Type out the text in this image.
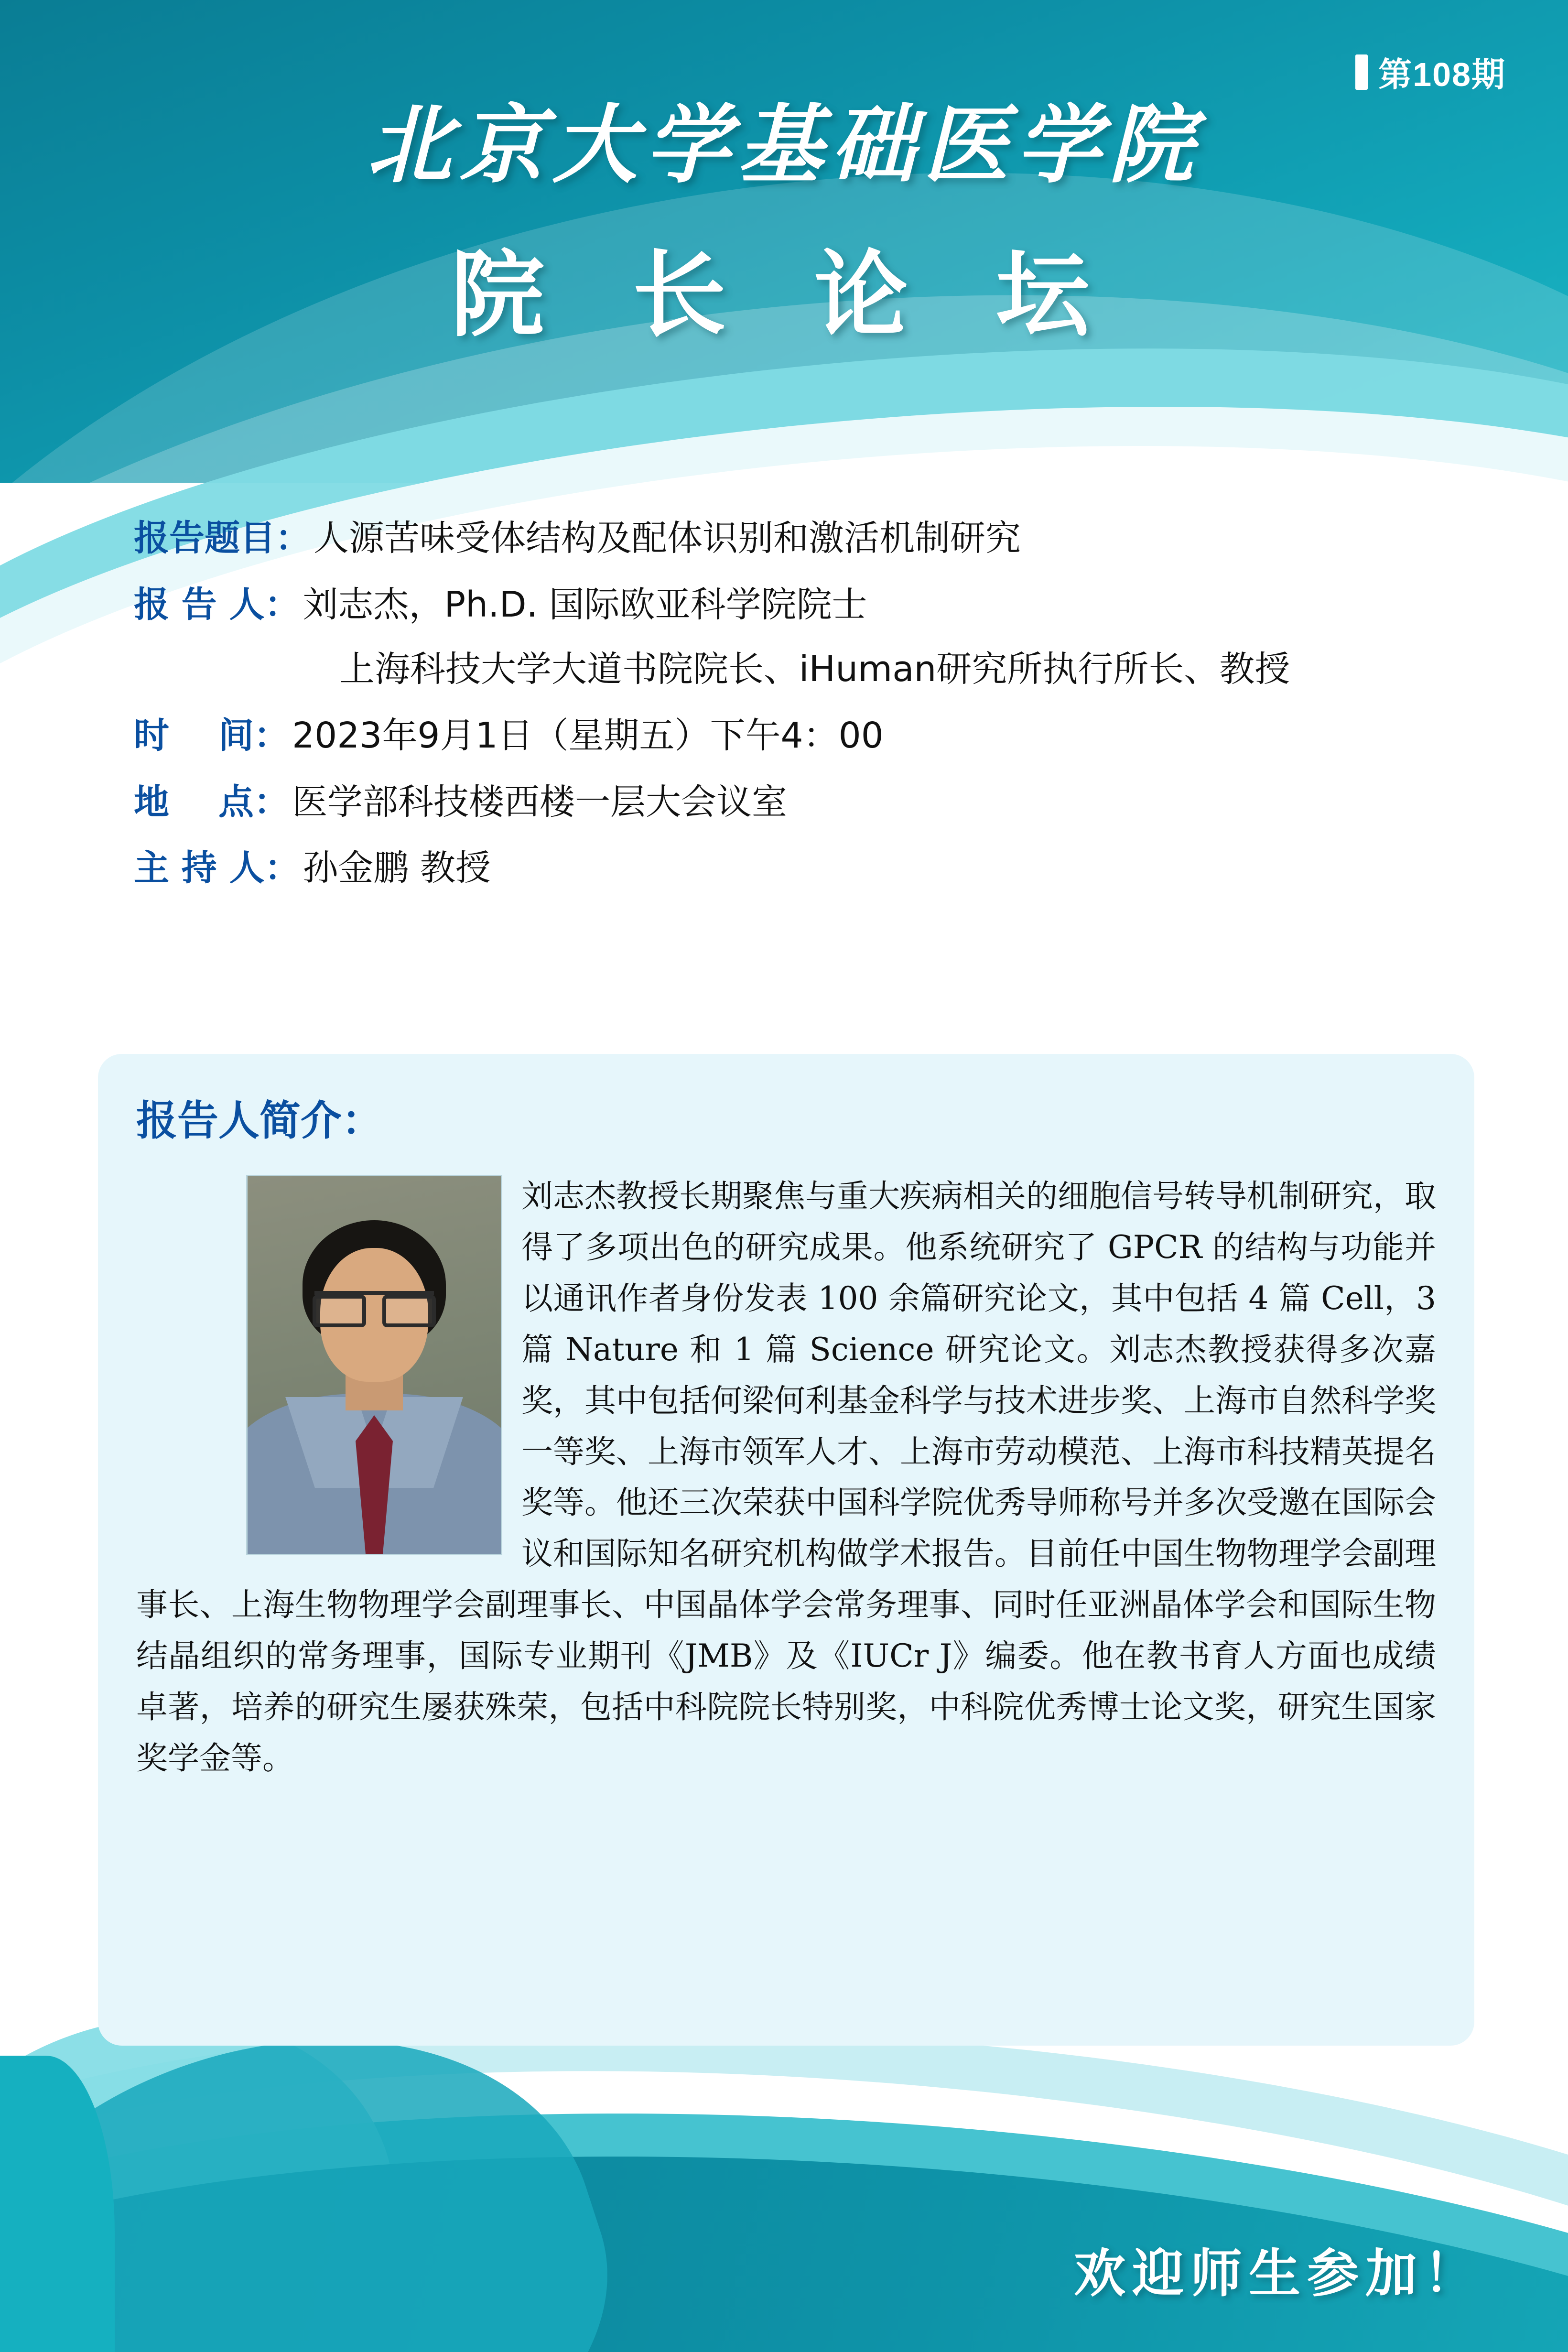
第108期
北京大学基础医学院
院 长 论 坛
报告题目： 人源苦味受体结构及配体识别和激活机制研究
报 告 人： 刘志杰，Ph.D. 国际欧亚科学院院士
上海科技大学大道书院院长、iHuman研究所执行所长、教授
时    间： 2023年9月1日（星期五）下午4：00
地    点： 医学部科技楼西楼一层大会议室
主 持 人： 孙金鹏 教授
报告人简介：
刘志杰教授长期聚焦与重大疾病相关的细胞信号转导机制研究，取得了多项出色的研究成果。他系统研究了 GPCR 的结构与功能并以通讯作者身份发表 100 余篇研究论文，其中包括 4 篇 Cell，3 篇 Nature 和 1 篇 Science 研究论文。刘志杰教授获得多次嘉奖，其中包括何梁何利基金科学与技术进步奖、上海市自然科学奖一等奖、上海市领军人才、上海市劳动模范、上海市科技精英提名奖等。他还三次荣获中国科学院优秀导师称号并多次受邀在国际会议和国际知名研究机构做学术报告。目前任中国生物物理学会副理事长、上海生物物理学会副理事长、中国晶体学会常务理事、同时任亚洲晶体学会和国际生物结晶组织的常务理事，国际专业期刊《JMB》及《IUCr J》编委。他在教书育人方面也成绩卓著，培养的研究生屡获殊荣，包括中科院院长特别奖，中科院优秀博士论文奖，研究生国家奖学金等。
欢迎师生参加！
